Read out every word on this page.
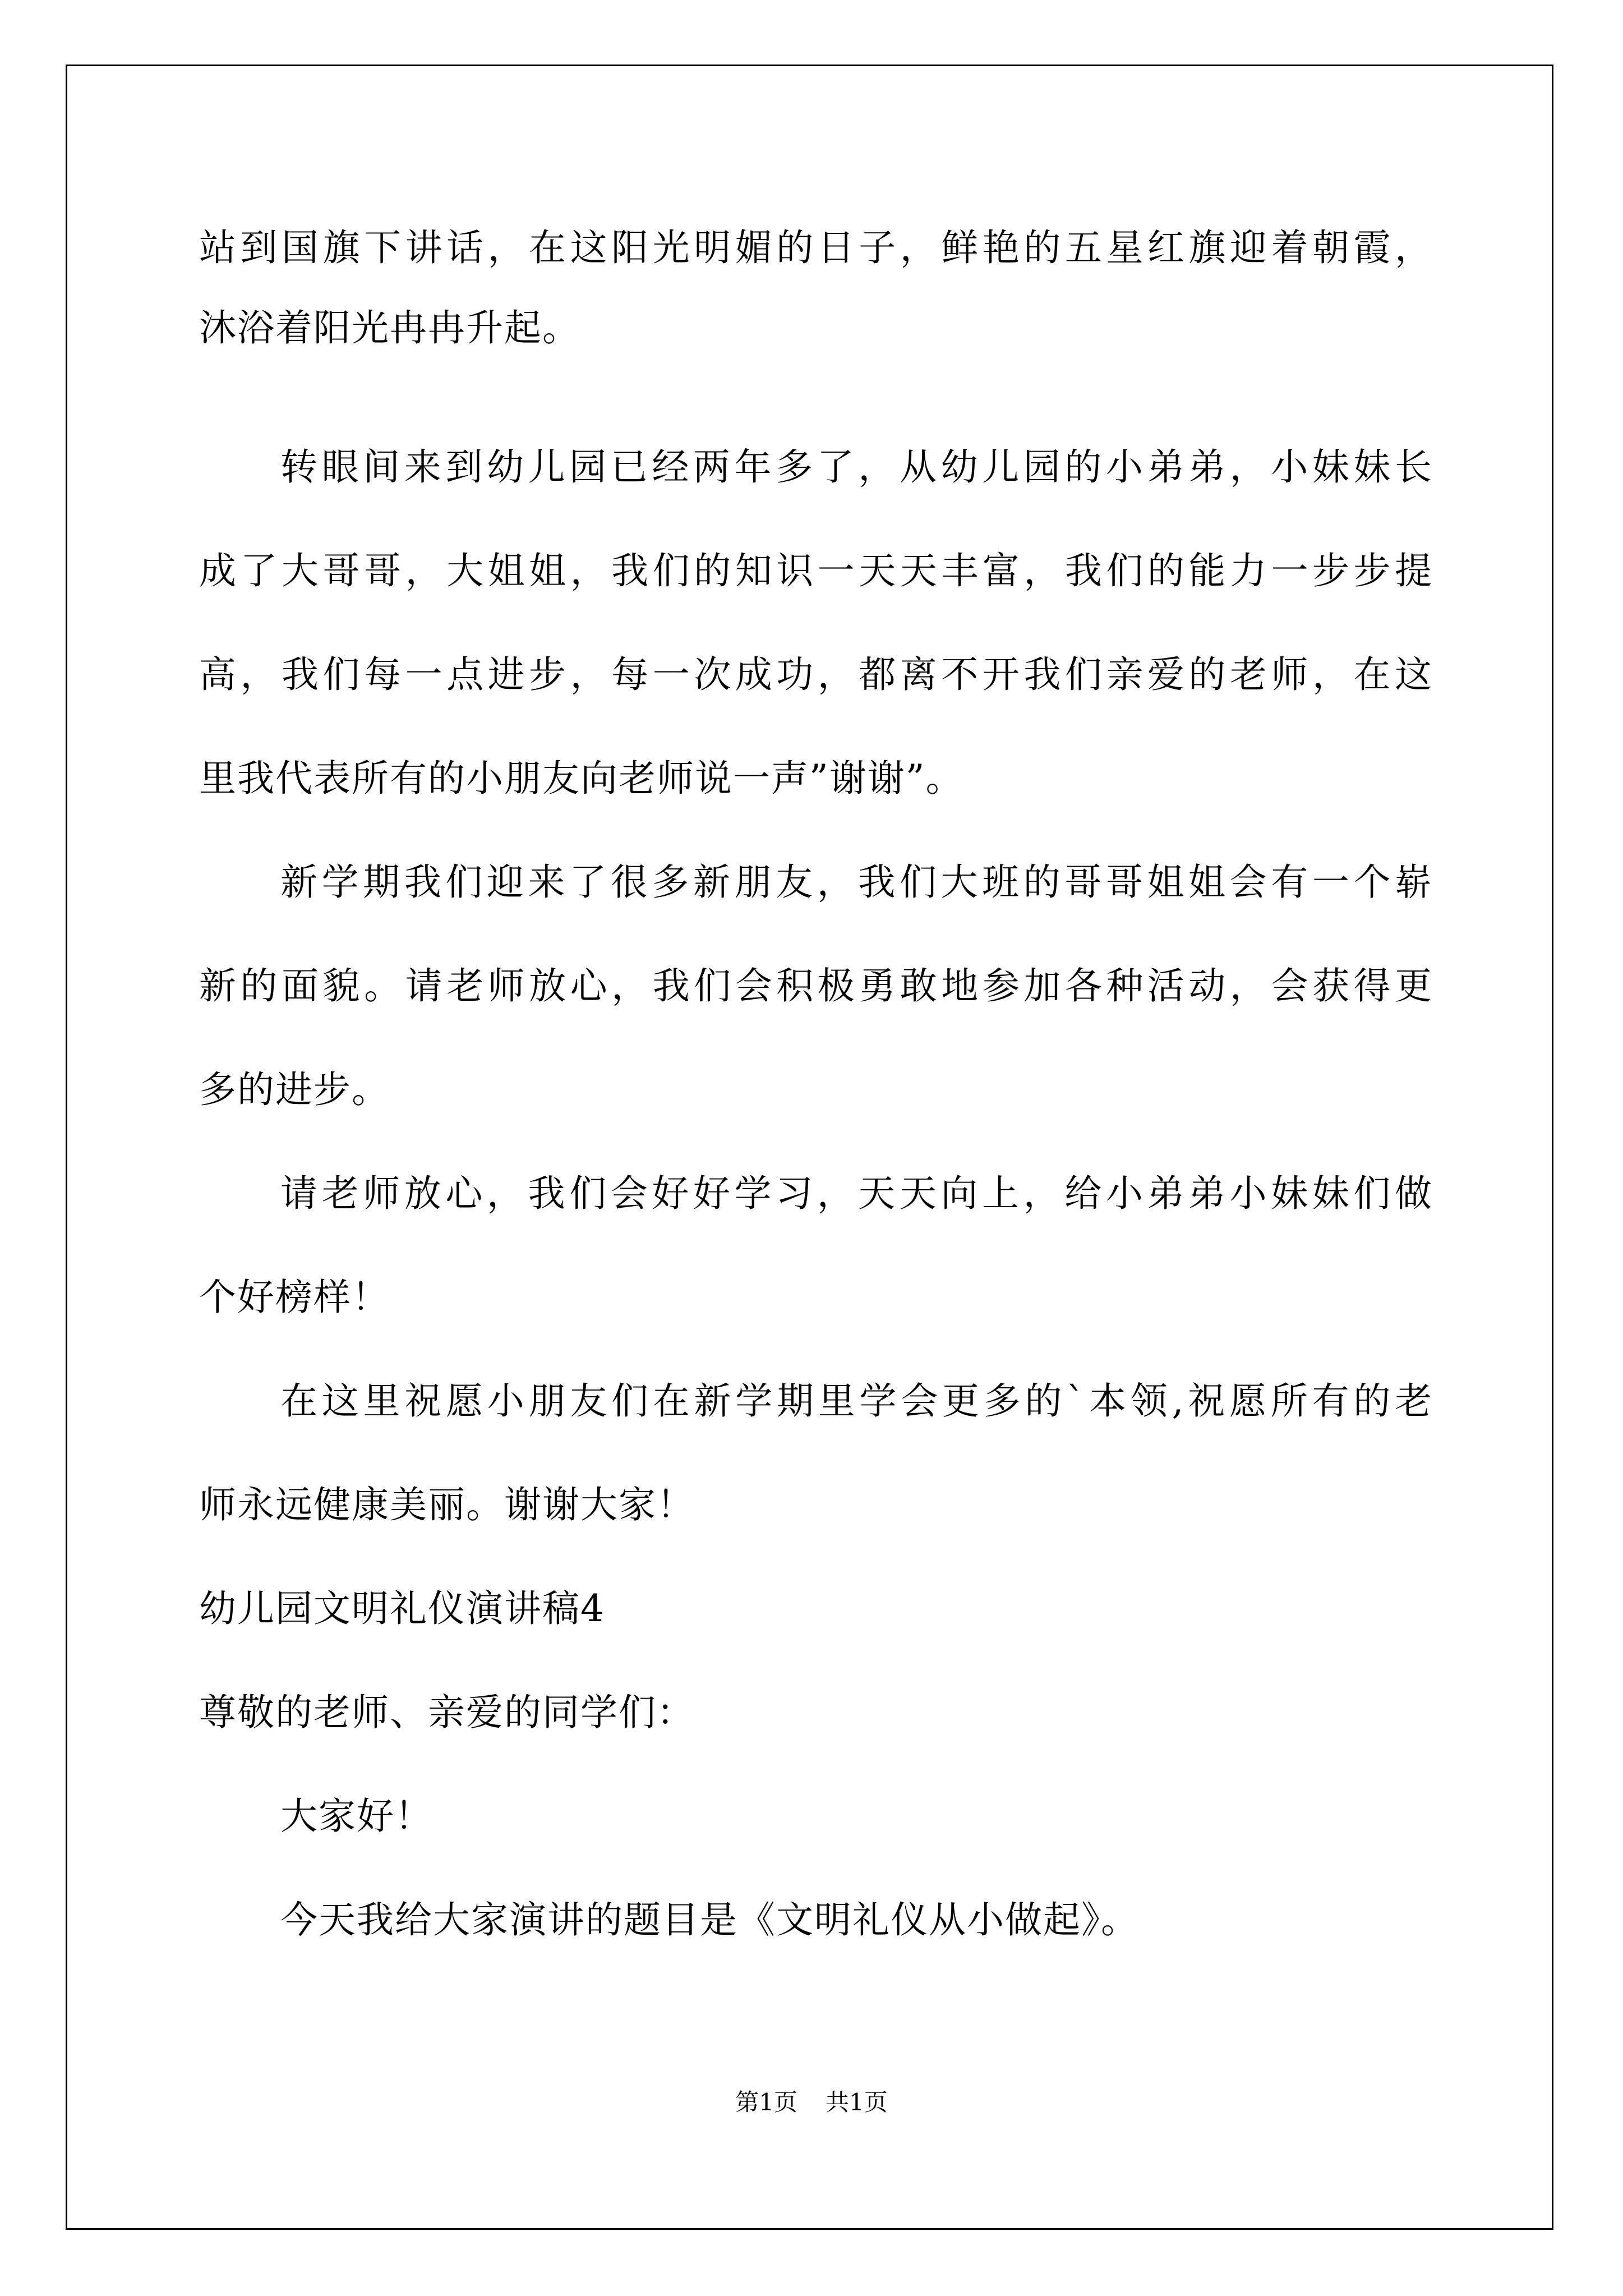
站到国旗下讲话，在这阳光明媚的日子，鲜艳的五星红旗迎着朝霞，
沐浴着阳光冉冉升起。
转眼间来到幼儿园已经两年多了，从幼儿园的小弟弟，小妹妹长
成了大哥哥，大姐姐，我们的知识一天天丰富，我们的能力一步步提
高，我们每一点进步，每一次成功，都离不开我们亲爱的老师，在这
里我代表所有的小朋友向老师说一声”谢谢”。
新学期我们迎来了很多新朋友，我们大班的哥哥姐姐会有一个崭
新的面貌。请老师放心，我们会积极勇敢地参加各种活动，会获得更
多的进步。
请老师放心，我们会好好学习，天天向上，给小弟弟小妹妹们做
个好榜样！
在这里祝愿小朋友们在新学期里学会更多的`本领,祝愿所有的老
师永远健康美丽。谢谢大家！
幼儿园文明礼仪演讲稿4
尊敬的老师、亲爱的同学们：
大家好！
今天我给大家演讲的题目是《文明礼仪从小做起》。
第1页 共1页
